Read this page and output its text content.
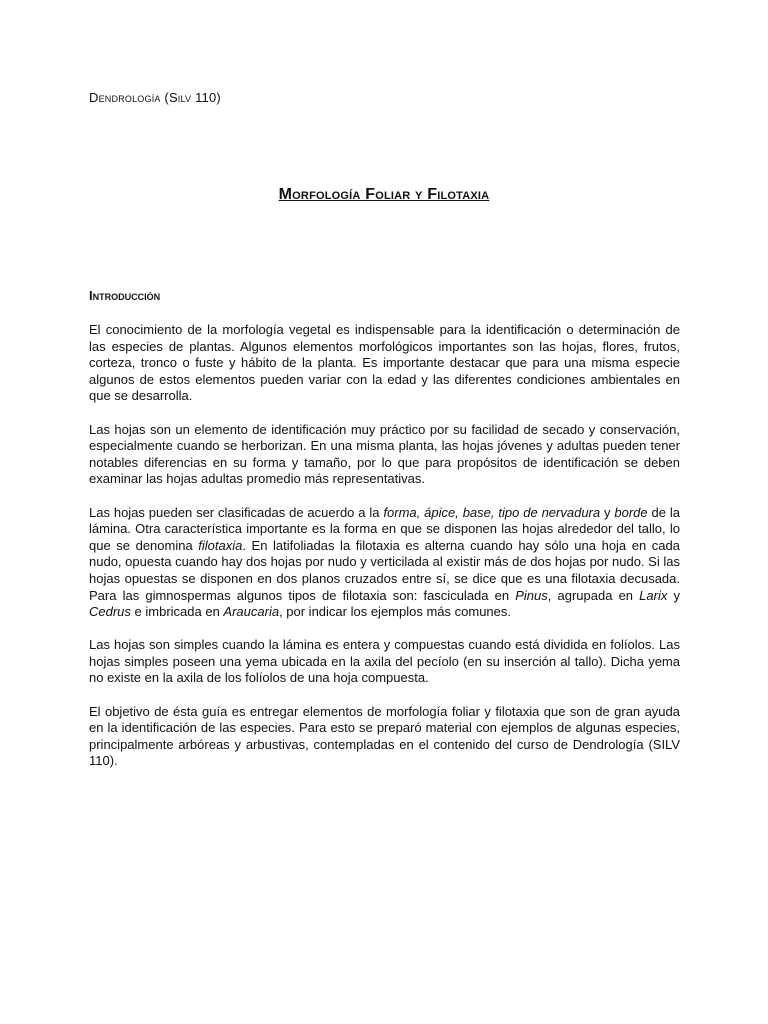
Dendrología (Silv 110)
Morfología Foliar y Filotaxia
Introducción

El conocimiento de la morfología vegetal es indispensable para la identificación o determinación de las especies de plantas. Algunos elementos morfológicos importantes son las hojas, flores, frutos, corteza, tronco o fuste y hábito de la planta. Es importante destacar que para una misma especie algunos de estos elementos pueden variar con la edad y las diferentes condiciones ambientales en que se desarrolla.

Las hojas son un elemento de identificación muy práctico por su facilidad de secado y conservación, especialmente cuando se herborizan. En una misma planta, las hojas jóvenes y adultas pueden tener notables diferencias en su forma y tamaño, por lo que para propósitos de identificación se deben examinar las hojas adultas promedio más representativas.

Las hojas pueden ser clasificadas de acuerdo a la forma, ápice, base, tipo de nervadura y borde de la lámina. Otra característica importante es la forma en que se disponen las hojas alrededor del tallo, lo que se denomina filotaxia. En latifoliadas la filotaxia es alterna cuando hay sólo una hoja en cada nudo, opuesta cuando hay dos hojas por nudo y verticilada al existir más de dos hojas por nudo. Si las hojas opuestas se disponen en dos planos cruzados entre sí, se dice que es una filotaxia decusada. Para las gimnospermas algunos tipos de filotaxia son: fasciculada en Pinus, agrupada en Larix y Cedrus e imbricada en Araucaria, por indicar los ejemplos más comunes.

Las hojas son simples cuando la lámina es entera y compuestas cuando está dividida en folíolos. Las hojas simples poseen una yema ubicada en la axila del pecíolo (en su inserción al tallo). Dicha yema no existe en la axila de los folíolos de una hoja compuesta.

El objetivo de ésta guía es entregar elementos de morfología foliar y filotaxia que son de gran ayuda en la identificación de las especies. Para esto se preparó material con ejemplos de algunas especies, principalmente arbóreas y arbustivas, contempladas en el contenido del curso de Dendrología (SILV 110).
